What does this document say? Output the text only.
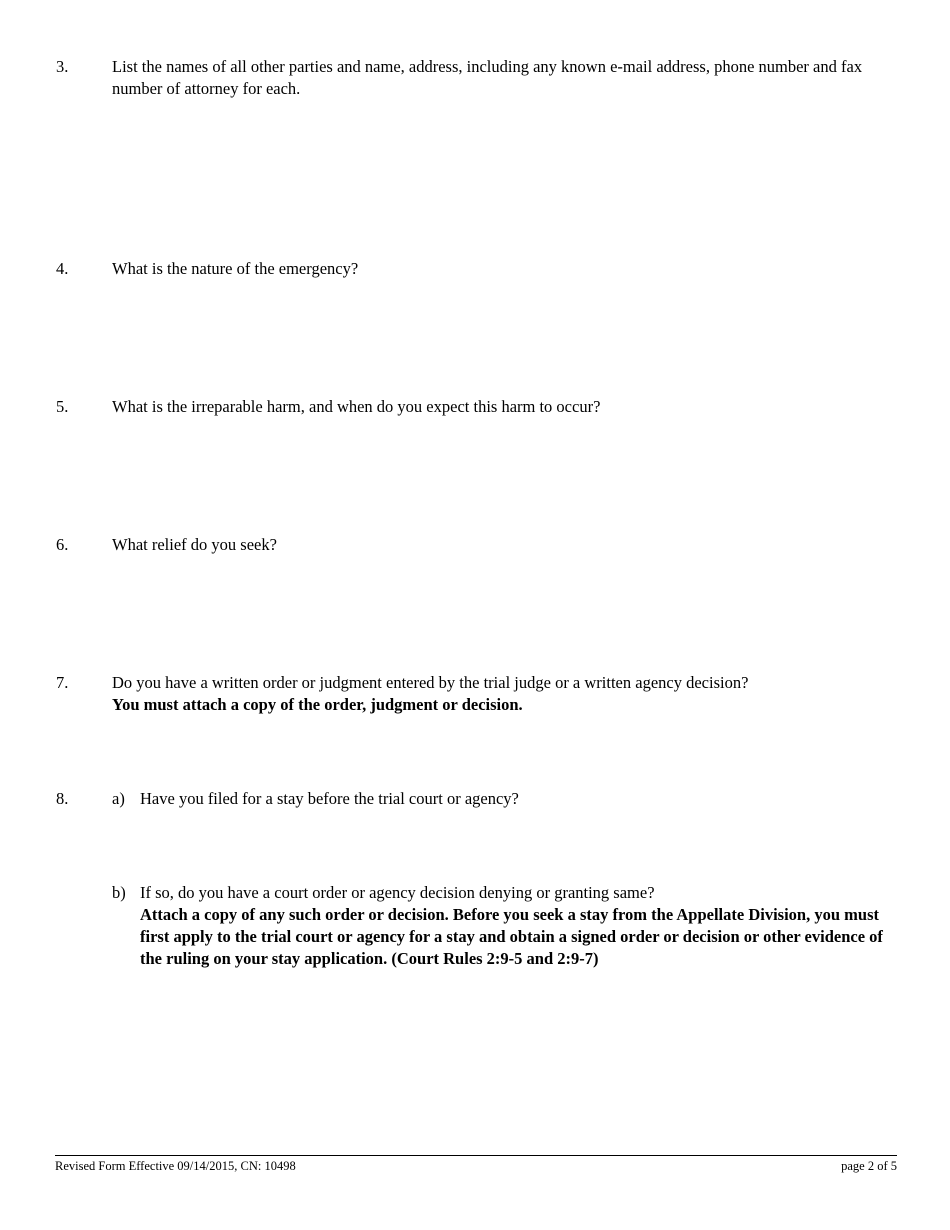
3.	List the names of all other parties and name, address, including any known e-mail address, phone number and fax number of attorney for each.
4.	What is the nature of the emergency?
5.	What is the irreparable harm, and when do you expect this harm to occur?
6.	What relief do you seek?
7.	Do you have a written order or judgment entered by the trial judge or a written agency decision?
You must attach a copy of the order, judgment or decision.
8.	a) Have you filed for a stay before the trial court or agency?
b) If so, do you have a court order or agency decision denying or granting same?
Attach a copy of any such order or decision. Before you seek a stay from the Appellate Division, you must first apply to the trial court or agency for a stay and obtain a signed order or decision or other evidence of the ruling on your stay application. (Court Rules 2:9-5 and 2:9-7)
Revised Form Effective 09/14/2015, CN: 10498	page 2 of 5
